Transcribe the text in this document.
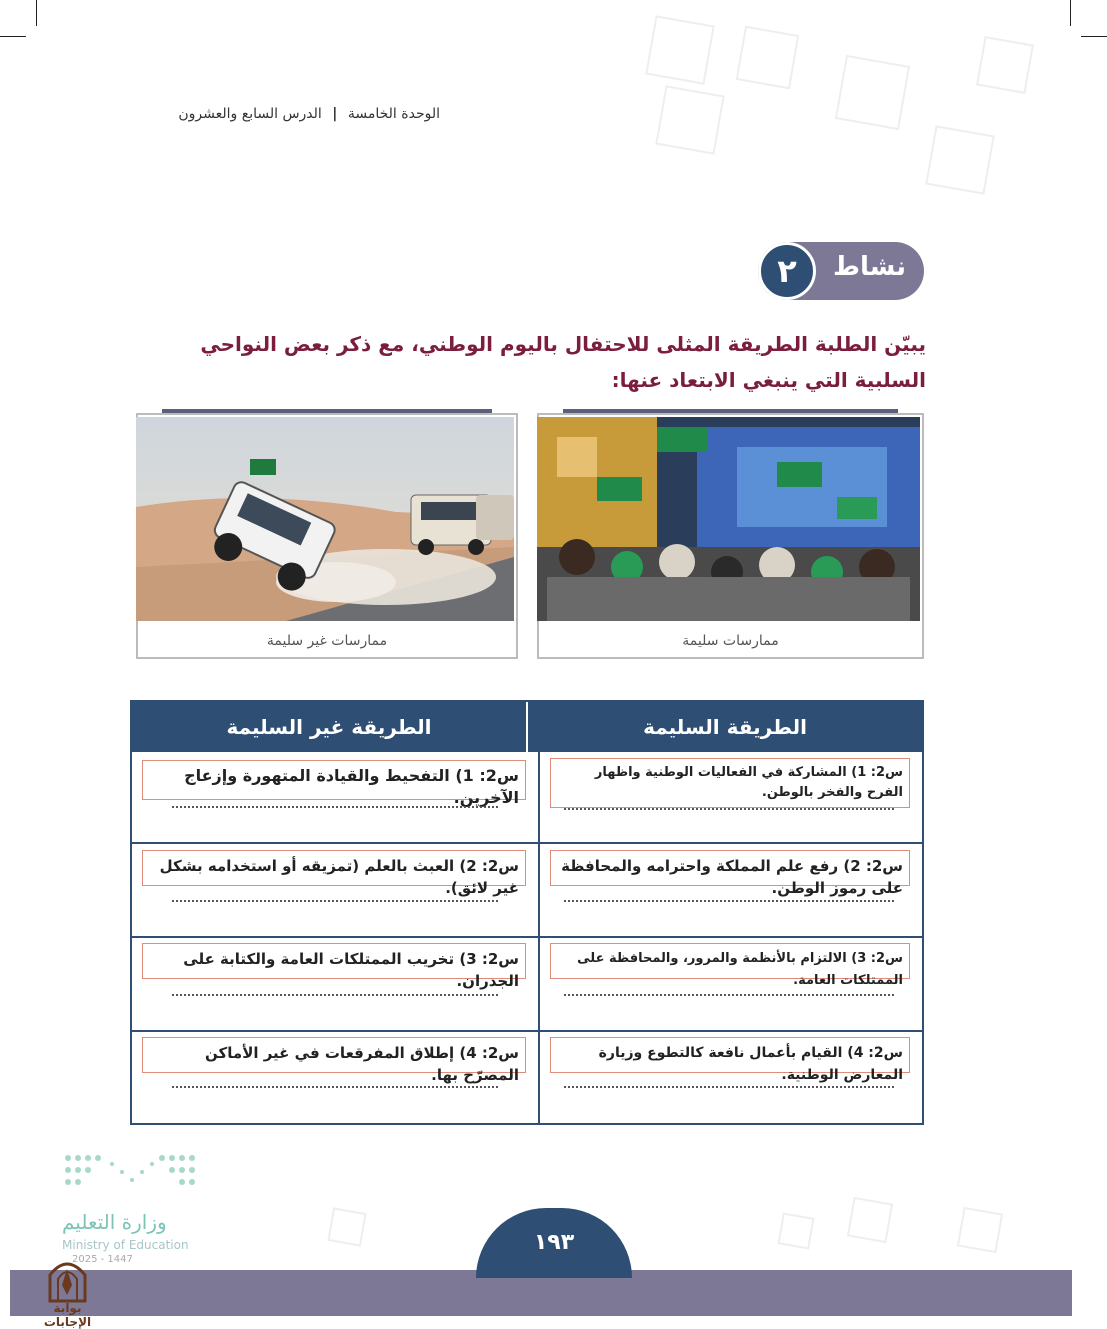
الوحدة الخامسة | الدرس السابع والعشرون
٢	نشاط
يبيّن الطلبة الطريقة المثلى للاحتفال باليوم الوطني، مع ذكر بعض النواحي السلبية التي ينبغي الابتعاد عنها:
ممارسات غير سليمة	ممارسات سليمة
الطريقة السليمة
الطريقة غير السليمة
س2: 1) المشاركة في الفعاليات الوطنية واظهار الفرح والفخر بالوطن.
س2: 2) رفع علم المملكة واحترامه والمحافظة على رموز الوطن.
س2: 3) الالتزام بالأنظمة والمرور، والمحافظة على الممتلكات العامة.
س2: 4) القيام بأعمال نافعة كالتطوع وزيارة المعارض الوطنية.
س2: 1) التفحيط والقيادة المتهورة وإزعاج الآخرين.
س2: 2) العبث بالعلم (تمزيقه أو استخدامه بشكل غير لائق).
س2: 3) تخريب الممتلكات العامة والكتابة على الجدران.
س2: 4) إطلاق المفرقعات في غير الأماكن المصرّح بها.
وزارة التعليم
Ministry of Education
2025 - 1447
١٩٣
بوابة الإجابات
